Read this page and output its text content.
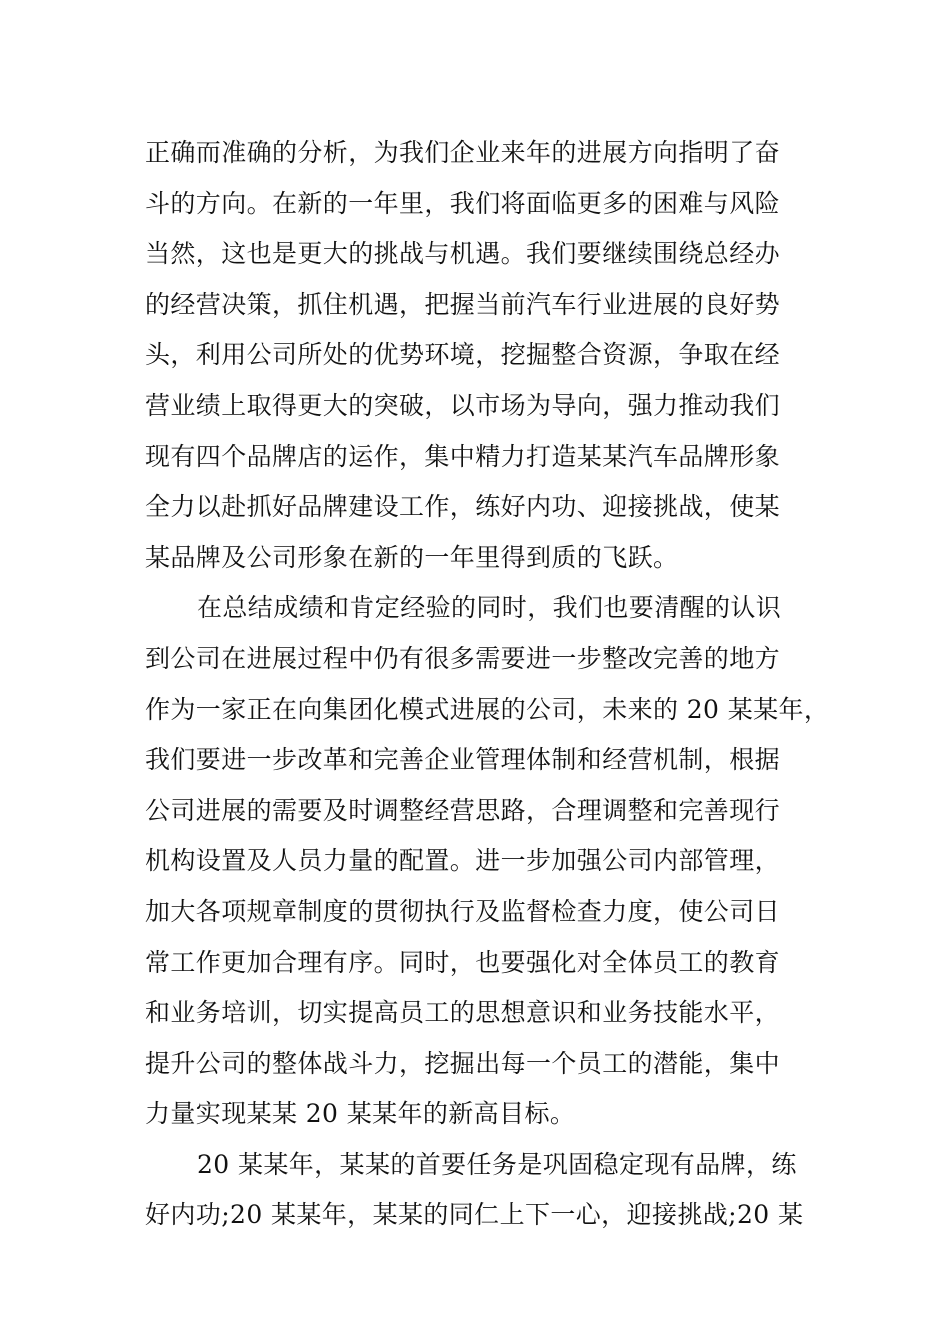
正确而准确的分析，为我们企业来年的进展方向指明了奋
斗的方向。在新的一年里，我们将面临更多的困难与风险
当然，这也是更大的挑战与机遇。我们要继续围绕总经办
的经营决策，抓住机遇，把握当前汽车行业进展的良好势
头，利用公司所处的优势环境，挖掘整合资源，争取在经
营业绩上取得更大的突破，以市场为导向，强力推动我们
现有四个品牌店的运作，集中精力打造某某汽车品牌形象
全力以赴抓好品牌建设工作，练好内功、迎接挑战，使某
某品牌及公司形象在新的一年里得到质的飞跃。
在总结成绩和肯定经验的同时，我们也要清醒的认识
到公司在进展过程中仍有很多需要进一步整改完善的地方
作为一家正在向集团化模式进展的公司，未来的 20 某某年，
我们要进一步改革和完善企业管理体制和经营机制，根据
公司进展的需要及时调整经营思路，合理调整和完善现行
机构设置及人员力量的配置。进一步加强公司内部管理，
加大各项规章制度的贯彻执行及监督检查力度，使公司日
常工作更加合理有序。同时，也要强化对全体员工的教育
和业务培训，切实提高员工的思想意识和业务技能水平，
提升公司的整体战斗力，挖掘出每一个员工的潜能，集中
力量实现某某 20 某某年的新高目标。
20 某某年，某某的首要任务是巩固稳定现有品牌，练
好内功;20 某某年，某某的同仁上下一心，迎接挑战;20 某
